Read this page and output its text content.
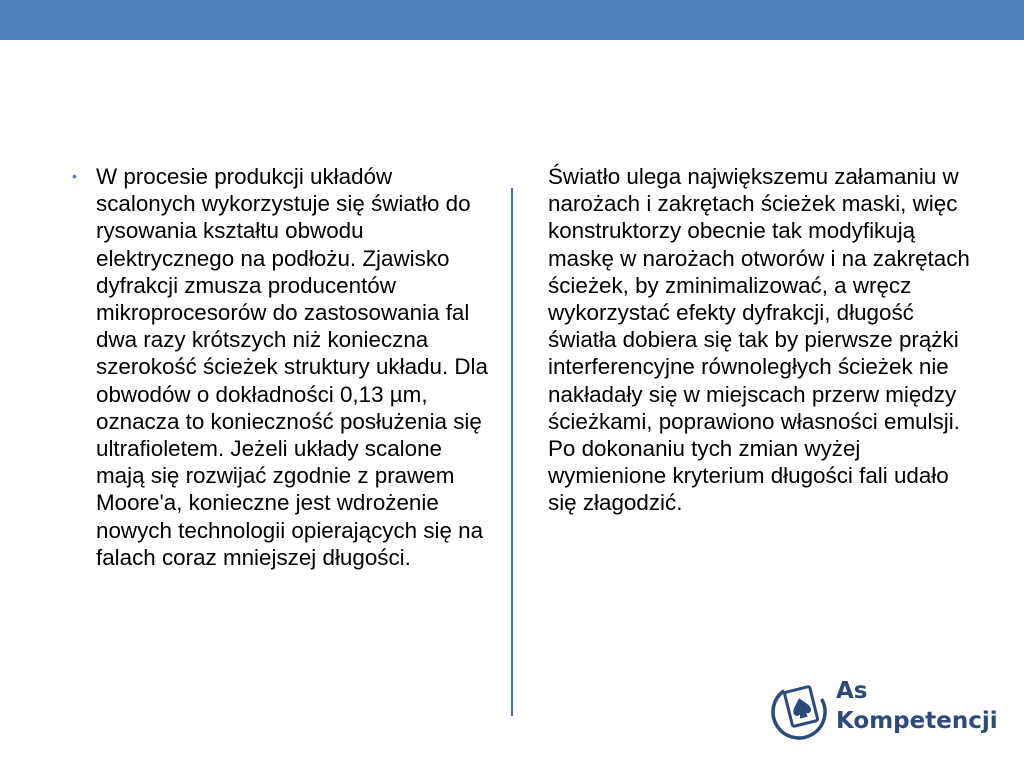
• W procesie produkcji układów scalonych wykorzystuje się światło do rysowania kształtu obwodu elektrycznego na podłożu. Zjawisko dyfrakcji zmusza producentów mikroprocesorów do zastosowania fal dwa razy krótszych niż konieczna szerokość ścieżek struktury układu. Dla obwodów o dokładności 0,13 µm, oznacza to konieczność posłużenia się ultrafioletem. Jeżeli układy scalone mają się rozwijać zgodnie z prawem Moore'a, konieczne jest wdrożenie nowych technologii opierających się na falach coraz mniejszej długości.

Światło ulega największemu załamaniu w narożach i zakrętach ścieżek maski, więc konstruktorzy obecnie tak modyfikują maskę w narożach otworów i na zakrętach ścieżek, by zminimalizować, a wręcz wykorzystać efekty dyfrakcji, długość światła dobiera się tak by pierwsze prążki interferencyjne równoległych ścieżek nie nakładały się w miejscach przerw między ścieżkami, poprawiono własności emulsji. Po dokonaniu tych zmian wyżej wymienione kryterium długości fali udało się złagodzić.

As
Kompetencji
